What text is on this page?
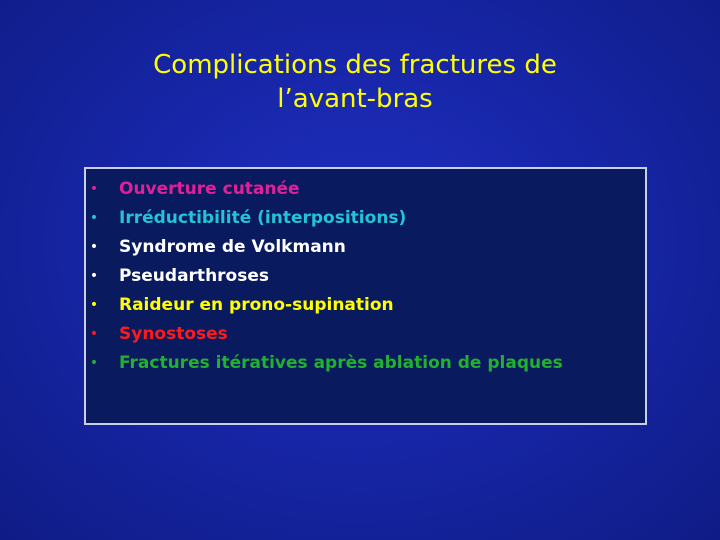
Complications des fractures de
l’avant-bras
• Ouverture cutanée
• Irréductibilité (interpositions)
• Syndrome de Volkmann
• Pseudarthroses
• Raideur en prono-supination
• Synostoses
• Fractures itératives après ablation de plaques
